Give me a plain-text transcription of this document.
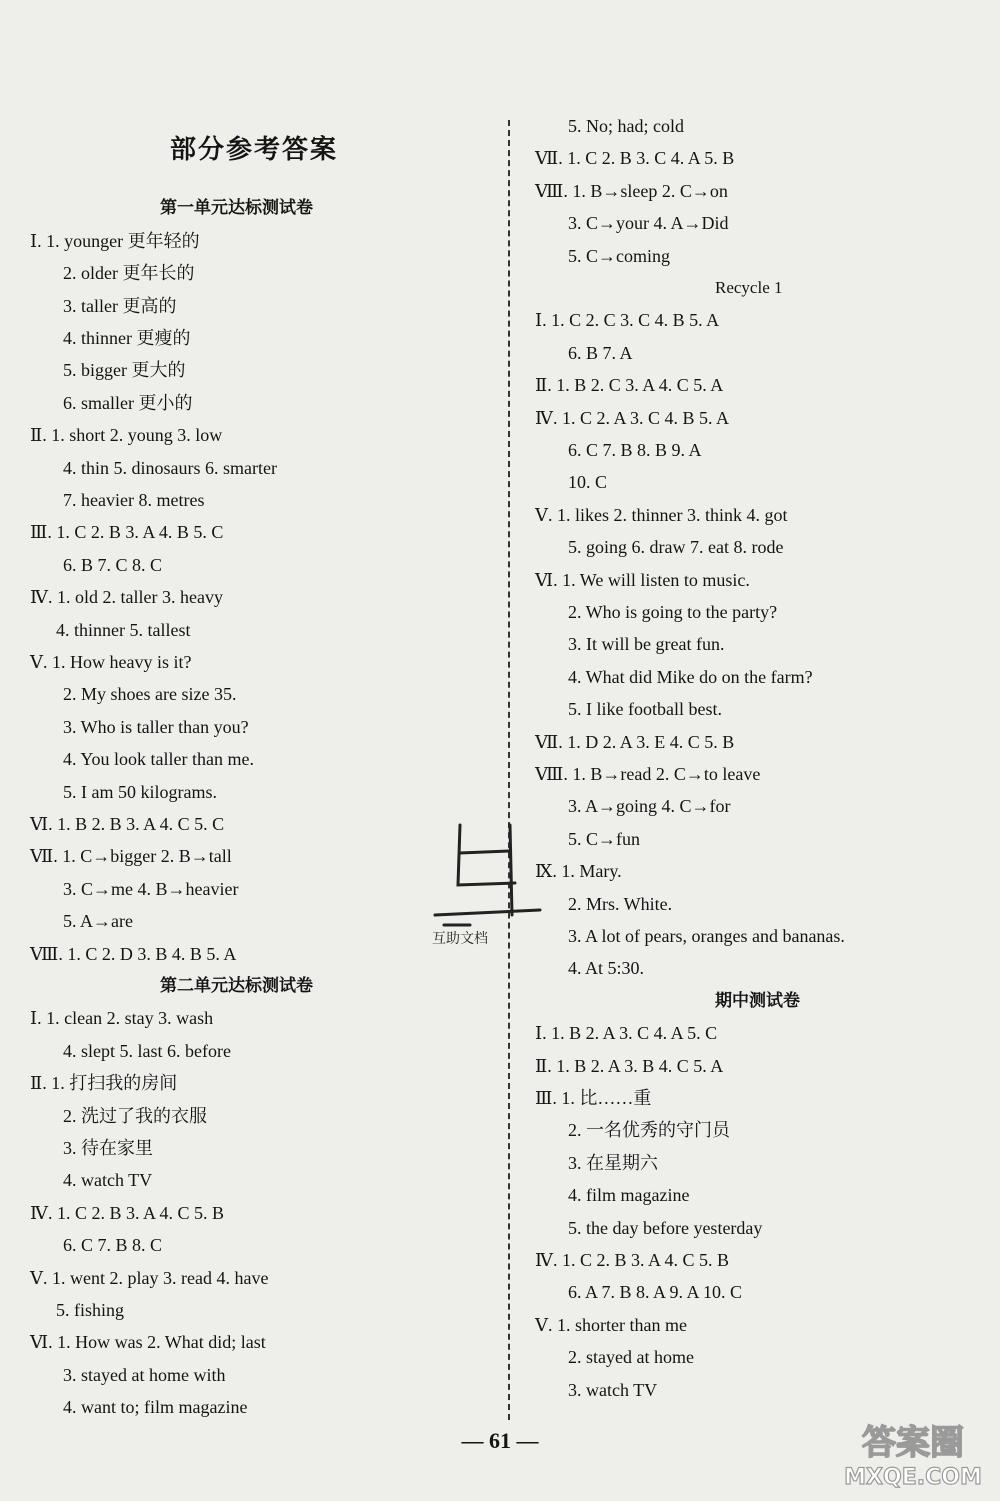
部分参考答案
第一单元达标测试卷
Ⅰ. 1. younger 更年轻的
2. older 更年长的
3. taller 更高的
4. thinner 更瘦的
5. bigger 更大的
6. smaller 更小的
Ⅱ. 1. short 2. young 3. low
4. thin 5. dinosaurs 6. smarter
7. heavier 8. metres
Ⅲ. 1. C 2. B 3. A 4. B 5. C
6. B 7. C 8. C
Ⅳ. 1. old 2. taller 3. heavy
4. thinner 5. tallest
Ⅴ. 1. How heavy is it?
2. My shoes are size 35.
3. Who is taller than you?
4. You look taller than me.
5. I am 50 kilograms.
Ⅵ. 1. B 2. B 3. A 4. C 5. C
Ⅶ. 1. C→bigger 2. B→tall
3. C→me 4. B→heavier
5. A→are
Ⅷ. 1. C 2. D 3. B 4. B 5. A
第二单元达标测试卷
Ⅰ. 1. clean 2. stay 3. wash
4. slept 5. last 6. before
Ⅱ. 1. 打扫我的房间
2. 洗过了我的衣服
3. 待在家里
4. watch TV
Ⅳ. 1. C 2. B 3. A 4. C 5. B
6. C 7. B 8. C
Ⅴ. 1. went 2. play 3. read 4. have
5. fishing
Ⅵ. 1. How was 2. What did; last
3. stayed at home with
4. want to; film magazine
5. No; had; cold
Ⅶ. 1. C 2. B 3. C 4. A 5. B
Ⅷ. 1. B→sleep 2. C→on
3. C→your 4. A→Did
5. C→coming
Recycle 1
Ⅰ. 1. C 2. C 3. C 4. B 5. A
6. B 7. A
Ⅱ. 1. B 2. C 3. A 4. C 5. A
Ⅳ. 1. C 2. A 3. C 4. B 5. A
6. C 7. B 8. B 9. A
10. C
Ⅴ. 1. likes 2. thinner 3. think 4. got
5. going 6. draw 7. eat 8. rode
Ⅵ. 1. We will listen to music.
2. Who is going to the party?
3. It will be great fun.
4. What did Mike do on the farm?
5. I like football best.
Ⅶ. 1. D 2. A 3. E 4. C 5. B
Ⅷ. 1. B→read 2. C→to leave
3. A→going 4. C→for
5. C→fun
Ⅸ. 1. Mary.
2. Mrs. White.
3. A lot of pears, oranges and bananas.
4. At 5:30.
期中测试卷
Ⅰ. 1. B 2. A 3. C 4. A 5. C
Ⅱ. 1. B 2. A 3. B 4. C 5. A
Ⅲ. 1. 比……重
2. 一名优秀的守门员
3. 在星期六
4. film magazine
5. the day before yesterday
Ⅳ. 1. C 2. B 3. A 4. C 5. B
6. A 7. B 8. A 9. A 10. C
Ⅴ. 1. shorter than me
2. stayed at home
3. watch TV
互助文档
— 61 —	答案圈
MXQE.COM
